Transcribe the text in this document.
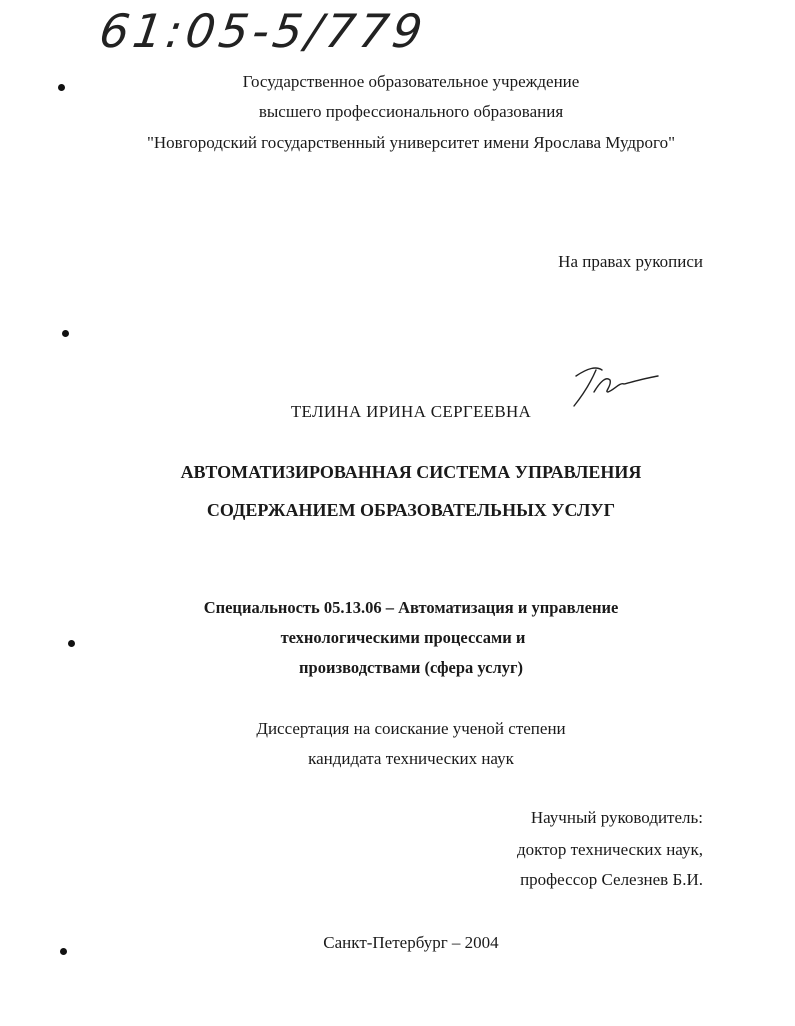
61:05-5/779
Государственное образовательное учреждение
высшего профессионального образования
"Новгородский государственный университет имени Ярослава Мудрого"
На правах рукописи
ТЕЛИНА ИРИНА СЕРГЕЕВНА
АВТОМАТИЗИРОВАННАЯ СИСТЕМА УПРАВЛЕНИЯ
СОДЕРЖАНИЕМ ОБРАЗОВАТЕЛЬНЫХ УСЛУГ
Специальность 05.13.06 – Автоматизация и управление
технологическими процессами и
производствами (сфера услуг)
Диссертация на соискание ученой степени
кандидата технических наук
Научный руководитель:
доктор технических наук,
профессор Селезнев Б.И.
Санкт-Петербург – 2004
